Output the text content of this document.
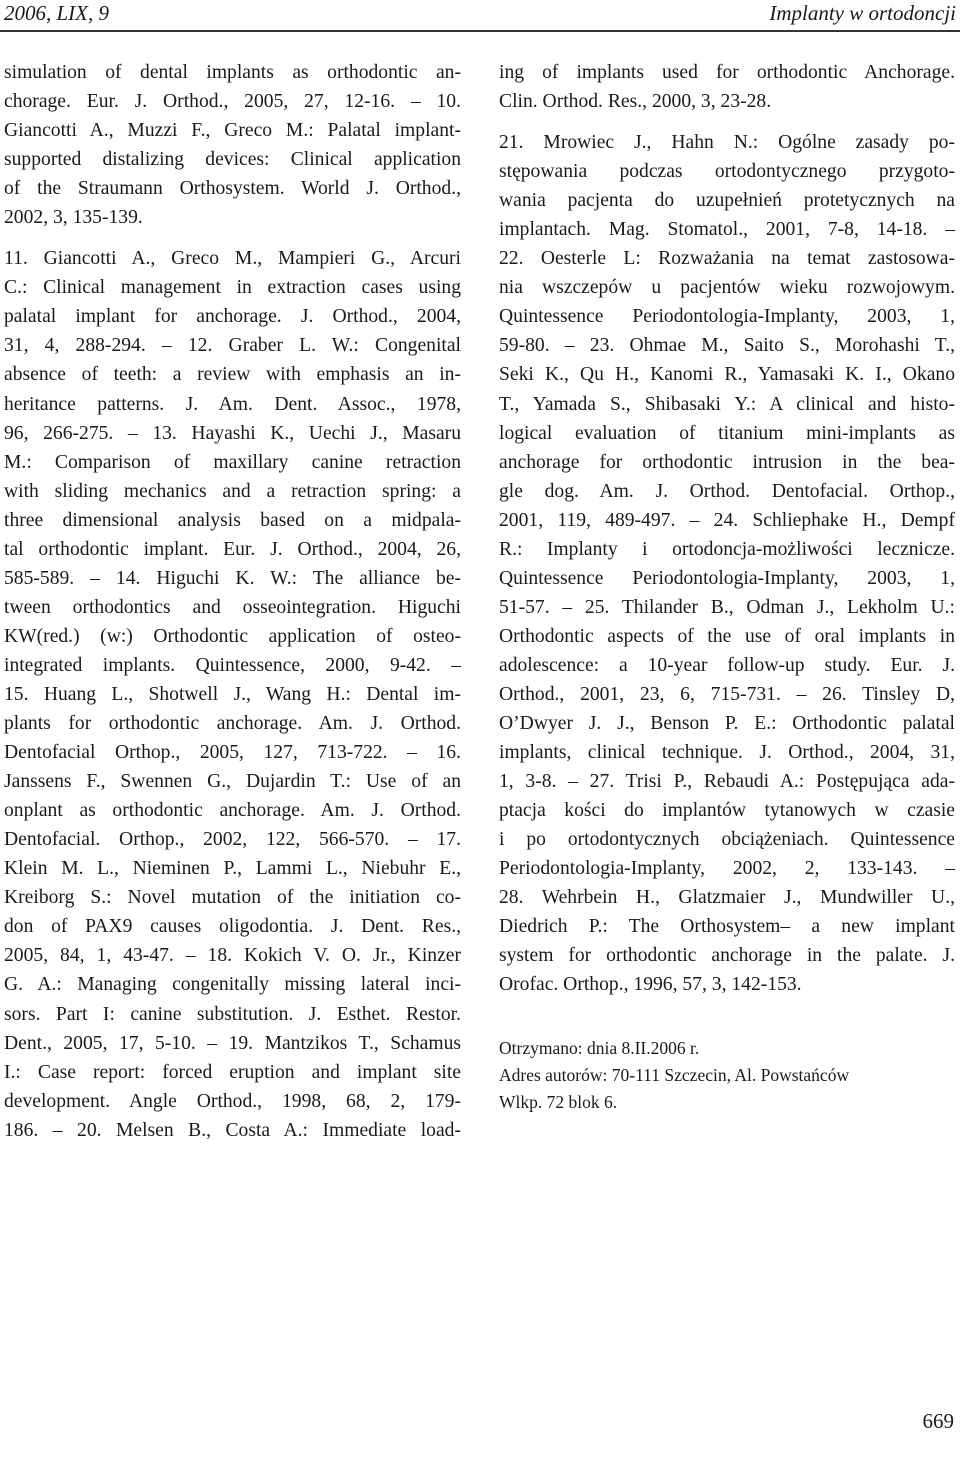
2006, LIX, 9	Implanty w ortodoncji
simulation of dental implants as orthodontic an-
chorage. Eur. J. Orthod., 2005, 27, 12-16. – 10.
Giancotti A., Muzzi F., Greco M.: Palatal implant-
supported distalizing devices: Clinical application
of the Straumann Orthosystem. World J. Orthod.,
2002, 3, 135-139.
11. Giancotti A., Greco M., Mampieri G., Arcuri
C.: Clinical management in extraction cases using
palatal implant for anchorage. J. Orthod., 2004,
31, 4, 288-294. – 12. Graber L. W.: Congenital
absence of teeth: a review with emphasis an in-
heritance patterns. J. Am. Dent. Assoc., 1978,
96, 266-275. – 13. Hayashi K., Uechi J., Masaru
M.: Comparison of maxillary canine retraction
with sliding mechanics and a retraction spring: a
three dimensional analysis based on a midpala-
tal orthodontic implant. Eur. J. Orthod., 2004, 26,
585-589. – 14. Higuchi K. W.: The alliance be-
tween orthodontics and osseointegration. Higuchi
KW(red.) (w:) Orthodontic application of osteo-
integrated implants. Quintessence, 2000, 9-42. –
15. Huang L., Shotwell J., Wang H.: Dental im-
plants for orthodontic anchorage. Am. J. Orthod.
Dentofacial Orthop., 2005, 127, 713-722. – 16.
Janssens F., Swennen G., Dujardin T.: Use of an
onplant as orthodontic anchorage. Am. J. Orthod.
Dentofacial. Orthop., 2002, 122, 566-570. – 17.
Klein M. L., Nieminen P., Lammi L., Niebuhr E.,
Kreiborg S.: Novel mutation of the initiation co-
don of PAX9 causes oligodontia. J. Dent. Res.,
2005, 84, 1, 43-47. – 18. Kokich V. O. Jr., Kinzer
G. A.: Managing congenitally missing lateral inci-
sors. Part I: canine substitution. J. Esthet. Restor.
Dent., 2005, 17, 5-10. – 19. Mantzikos T., Schamus
I.: Case report: forced eruption and implant site
development. Angle Orthod., 1998, 68, 2, 179-
186. – 20. Melsen B., Costa A.: Immediate load-
ing of implants used for orthodontic Anchorage.
Clin. Orthod. Res., 2000, 3, 23-28.
21. Mrowiec J., Hahn N.: Ogólne zasady po-
stępowania podczas ortodontycznego przygoto-
wania pacjenta do uzupełnień protetycznych na
implantach. Mag. Stomatol., 2001, 7-8, 14-18. –
22. Oesterle L: Rozważania na temat zastosowa-
nia wszczepów u pacjentów wieku rozwojowym.
Quintessence Periodontologia-Implanty, 2003, 1,
59-80. – 23. Ohmae M., Saito S., Morohashi T.,
Seki K., Qu H., Kanomi R., Yamasaki K. I., Okano
T., Yamada S., Shibasaki Y.: A clinical and histo-
logical evaluation of titanium mini-implants as
anchorage for orthodontic intrusion in the bea-
gle dog. Am. J. Orthod. Dentofacial. Orthop.,
2001, 119, 489-497. – 24. Schliephake H., Dempf
R.: Implanty i ortodoncja-możliwości lecznicze.
Quintessence Periodontologia-Implanty, 2003, 1,
51-57. – 25. Thilander B., Odman J., Lekholm U.:
Orthodontic aspects of the use of oral implants in
adolescence: a 10-year follow-up study. Eur. J.
Orthod., 2001, 23, 6, 715-731. – 26. Tinsley D,
O’Dwyer J. J., Benson P. E.: Orthodontic palatal
implants, clinical technique. J. Orthod., 2004, 31,
1, 3-8. – 27. Trisi P., Rebaudi A.: Postępująca ada-
ptacja kości do implantów tytanowych w czasie
i po ortodontycznych obciążeniach. Quintessence
Periodontologia-Implanty, 2002, 2, 133-143. –
28. Wehrbein H., Glatzmaier J., Mundwiller U.,
Diedrich P.: The Orthosystem– a new implant
system for orthodontic anchorage in the palate. J.
Orofac. Orthop., 1996, 57, 3, 142-153.
Otrzymano: dnia 8.II.2006 r.
Adres autorów: 70-111 Szczecin, Al. Powstańców
Wlkp. 72 blok 6.
669
